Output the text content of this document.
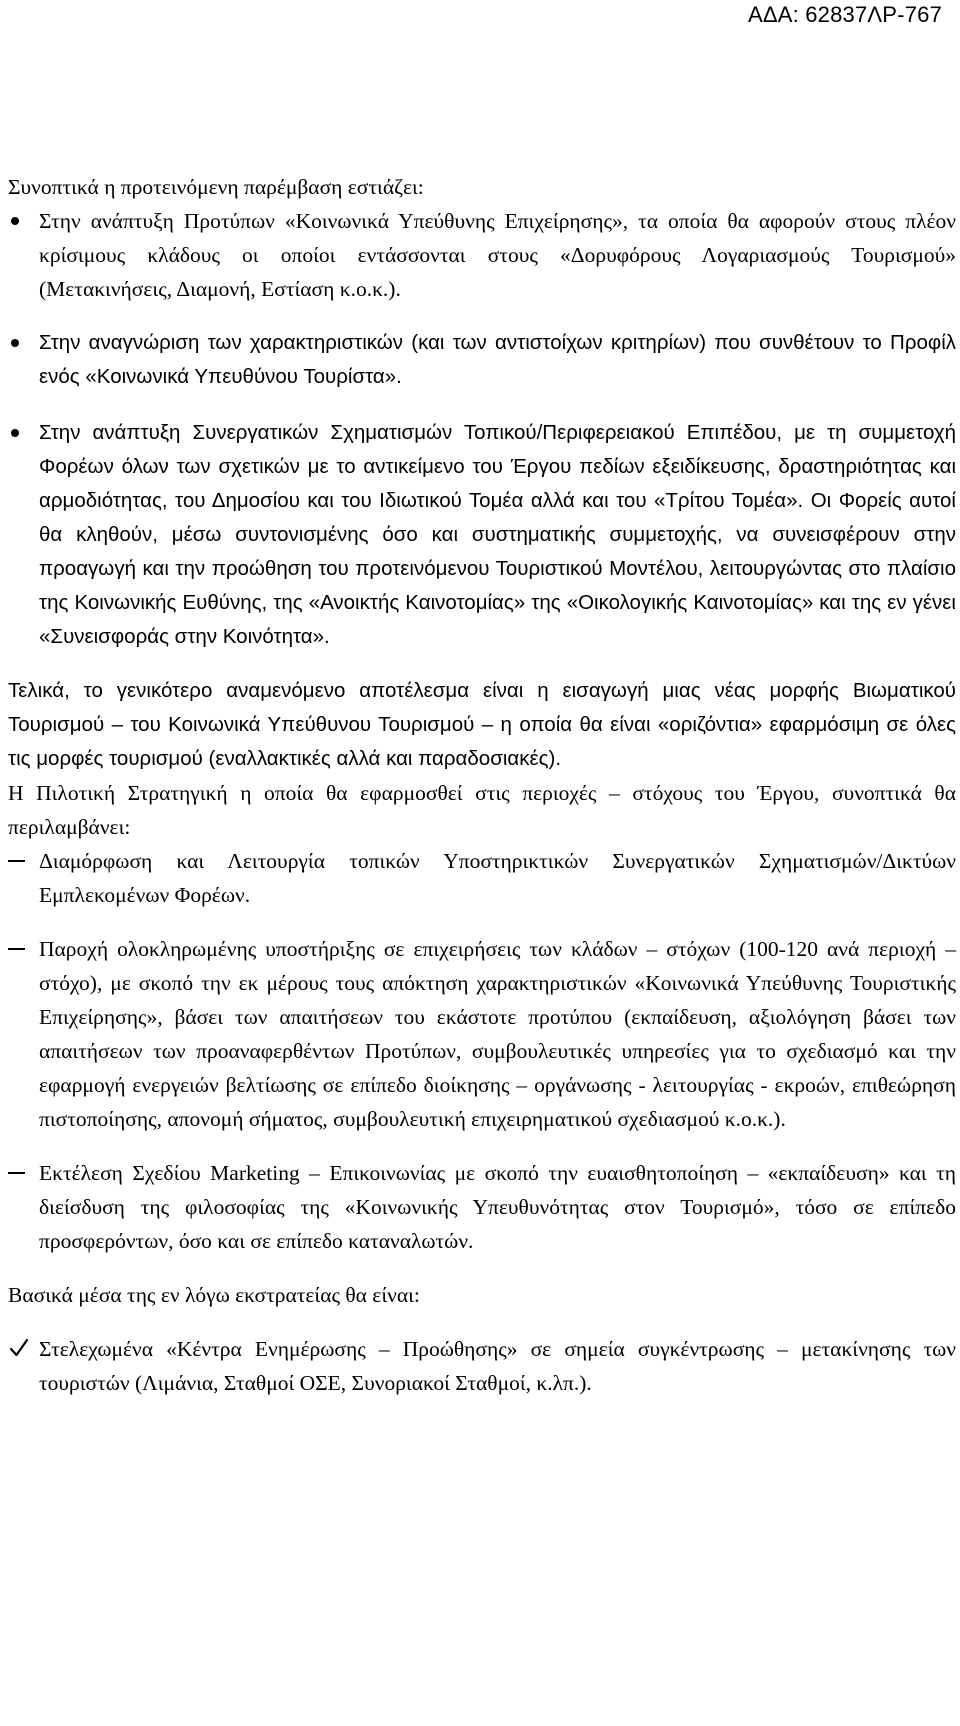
ΑΔΑ: 62837ΛΡ-767

Συνοπτικά η προτεινόμενη παρέμβαση εστιάζει:

Στην ανάπτυξη Προτύπων «Κοινωνικά Υπεύθυνης Επιχείρησης», τα οποία θα αφορούν στους πλέον κρίσιμους κλάδους οι οποίοι εντάσσονται στους «Δορυφόρους Λογαριασμούς Τουρισμού» (Μετακινήσεις, Διαμονή, Εστίαση κ.ο.κ.).
Στην αναγνώριση των χαρακτηριστικών (και των αντιστοίχων κριτηρίων) που συνθέτουν το Προφίλ ενός «Κοινωνικά Υπευθύνου Τουρίστα».
Στην ανάπτυξη Συνεργατικών Σχηματισμών Τοπικού/Περιφερειακού Επιπέδου, με τη συμμετοχή Φορέων όλων των σχετικών με το αντικείμενο του Έργου πεδίων εξειδίκευσης, δραστηριότητας και αρμοδιότητας, του Δημοσίου και του Ιδιωτικού Τομέα αλλά και του «Τρίτου Τομέα». Οι Φορείς αυτοί θα κληθούν, μέσω συντονισμένης όσο και συστηματικής συμμετοχής, να συνεισφέρουν στην προαγωγή και την προώθηση του προτεινόμενου Τουριστικού Μοντέλου, λειτουργώντας στο πλαίσιο της Κοινωνικής Ευθύνης, της «Ανοικτής Καινοτομίας» της «Οικολογικής Καινοτομίας» και της εν γένει «Συνεισφοράς στην Κοινότητα».

Τελικά, το γενικότερο αναμενόμενο αποτέλεσμα είναι η εισαγωγή μιας νέας μορφής Βιωματικού Τουρισμού – του Κοινωνικά Υπεύθυνου Τουρισμού – η οποία θα είναι «οριζόντια» εφαρμόσιμη σε όλες τις μορφές τουρισμού (εναλλακτικές αλλά και παραδοσιακές).

Η Πιλοτική Στρατηγική η οποία θα εφαρμοσθεί στις περιοχές – στόχους του Έργου, συνοπτικά θα περιλαμβάνει:

Διαμόρφωση και Λειτουργία τοπικών Υποστηρικτικών Συνεργατικών Σχηματισμών/Δικτύων Εμπλεκομένων Φορέων.
Παροχή ολοκληρωμένης υποστήριξης σε επιχειρήσεις των κλάδων – στόχων (100-120 ανά περιοχή – στόχο), με σκοπό την εκ μέρους τους απόκτηση χαρακτηριστικών «Κοινωνικά Υπεύθυνης Τουριστικής Επιχείρησης», βάσει των απαιτήσεων του εκάστοτε προτύπου (εκπαίδευση, αξιολόγηση βάσει των απαιτήσεων των προαναφερθέντων Προτύπων, συμβουλευτικές υπηρεσίες για το σχεδιασμό και την εφαρμογή ενεργειών βελτίωσης σε επίπεδο διοίκησης – οργάνωσης - λειτουργίας - εκροών, επιθεώρηση πιστοποίησης, απονομή σήματος, συμβουλευτική επιχειρηματικού σχεδιασμού κ.ο.κ.).
Εκτέλεση Σχεδίου Marketing – Επικοινωνίας με σκοπό την ευαισθητοποίηση – «εκπαίδευση» και τη διείσδυση της φιλοσοφίας της «Κοινωνικής Υπευθυνότητας στον Τουρισμό», τόσο σε επίπεδο προσφερόντων, όσο και σε επίπεδο καταναλωτών.

Βασικά μέσα της εν λόγω εκστρατείας θα είναι:

Στελεχωμένα «Κέντρα Ενημέρωσης – Προώθησης» σε σημεία συγκέντρωσης – μετακίνησης των τουριστών (Λιμάνια, Σταθμοί ΟΣΕ, Συνοριακοί Σταθμοί, κ.λπ.).
